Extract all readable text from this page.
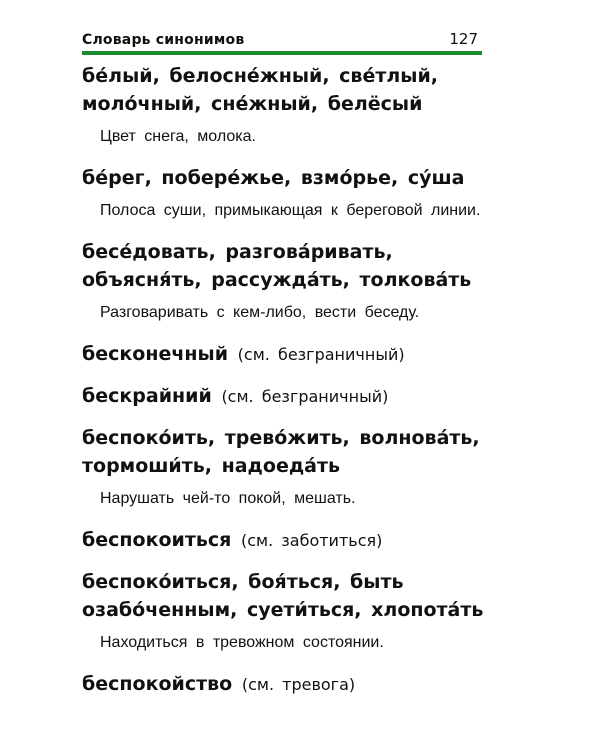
Словарь синонимов	127
бе́лый, белосне́жный, све́тлый,
моло́чный, сне́жный, белёсый
Цвет снега, молока.
бе́рег, побере́жье, взмо́рье, су́ша
Полоса суши, примыкающая к береговой линии.
бесе́довать, разгова́ривать,
объясня́ть, рассужда́ть, толкова́ть
Разговаривать с кем-либо, вести беседу.
бесконечный (см. безграничный)
бескрайний (см. безграничный)
беспоко́ить, трево́жить, волнова́ть,
тормоши́ть, надоеда́ть
Нарушать чей-то покой, мешать.
беспокоиться (см. заботиться)
беспоко́иться, боя́ться, быть
озабо́ченным, суети́ться, хлопота́ть
Находиться в тревожном состоянии.
беспокойство (см. тревога)
